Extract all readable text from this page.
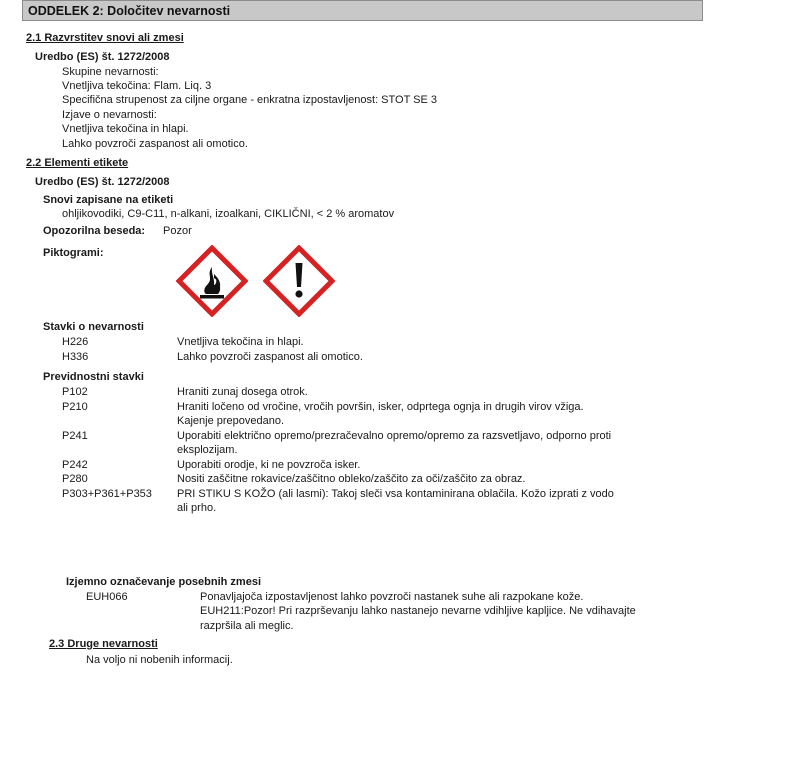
ODDELEK 2: Določitev nevarnosti
2.1 Razvrstitev snovi ali zmesi
Uredbo (ES) št. 1272/2008
Skupine nevarnosti:
Vnetljiva tekočina: Flam. Liq. 3
Specifična strupenost za ciljne organe - enkratna izpostavljenost: STOT SE 3
Izjave o nevarnosti:
Vnetljiva tekočina in hlapi.
Lahko povzroči zaspanost ali omotico.
2.2 Elementi etikete
Uredbo (ES) št. 1272/2008
Snovi zapisane na etiketi
ohljikovodiki, C9-C11, n-alkani, izoalkani, CIKLIČNI, < 2 % aromatov
Opozorilna beseda: Pozor
Piktogrami:
Stavki o nevarnosti
H226	Vnetljiva tekočina in hlapi.
H336	Lahko povzroči zaspanost ali omotico.
Previdnostni stavki
P102	Hraniti zunaj dosega otrok.
P210	Hraniti ločeno od vročine, vročih površin, isker, odprtega ognja in drugih virov vžiga.
Kajenje prepovedano.
P241	Uporabiti električno opremo/prezračevalno opremo/opremo za razsvetljavo, odporno proti
eksplozijam.
P242	Uporabiti orodje, ki ne povzroča isker.
P280	Nositi zaščitne rokavice/zaščitno obleko/zaščito za oči/zaščito za obraz.
P303+P361+P353 PRI STIKU S KOŽO (ali lasmi): Takoj sleči vsa kontaminirana oblačila. Kožo izprati z vodo
ali prho.
Izjemno označevanje posebnih zmesi
EUH066	Ponavljajoča izpostavljenost lahko povzroči nastanek suhe ali razpokane kože.
EUH211:Pozor! Pri razprševanju lahko nastanejo nevarne vdihljive kapljice. Ne vdihavajte
razpršila ali meglic.
2.3 Druge nevarnosti
Na voljo ni nobenih informacij.
